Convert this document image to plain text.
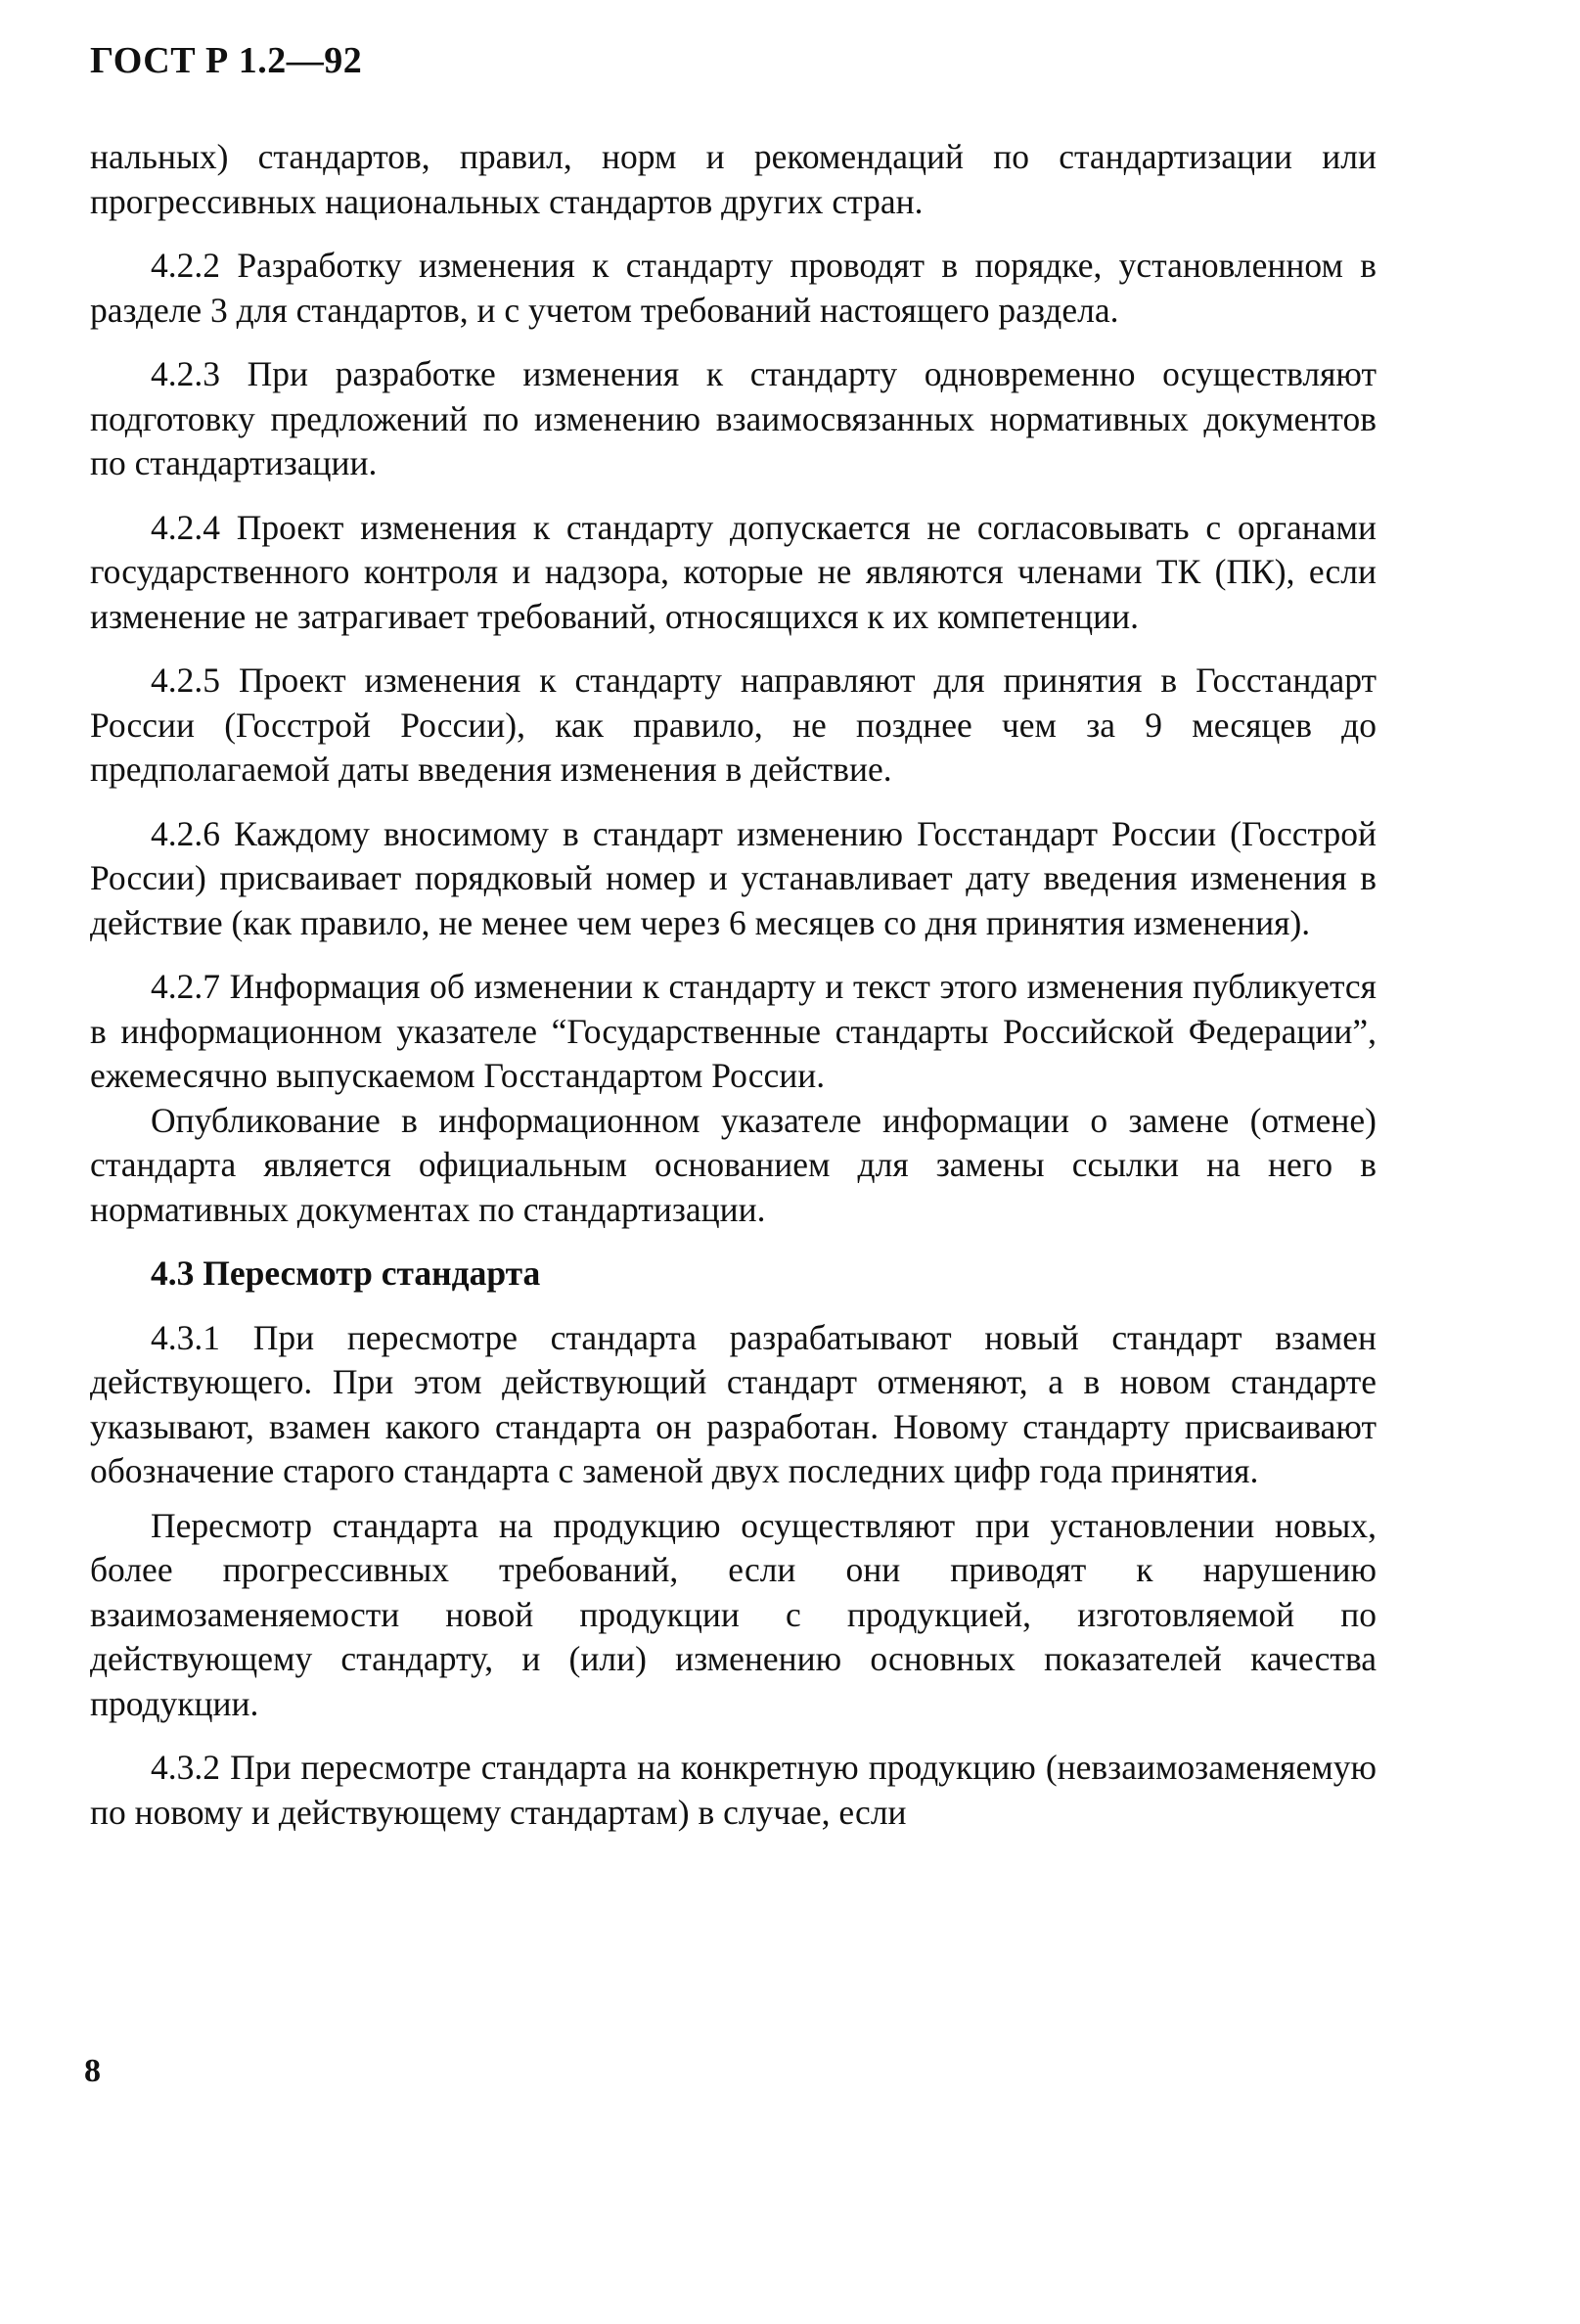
ГОСТ Р 1.2—92

нальных) стандартов, правил, норм и рекомендаций по стандартизации или прогрессивных национальных стандартов других стран.

4.2.2 Разработку изменения к стандарту проводят в порядке, установленном в разделе 3 для стандартов, и с учетом требований настоящего раздела.

4.2.3 При разработке изменения к стандарту одновременно осуществляют подготовку предложений по изменению взаимосвязанных нормативных документов по стандартизации.

4.2.4 Проект изменения к стандарту допускается не согласовывать с органами государственного контроля и надзора, которые не являются членами ТК (ПК), если изменение не затрагивает требований, относящихся к их компетенции.

4.2.5 Проект изменения к стандарту направляют для принятия в Госстандарт России (Госстрой России), как правило, не позднее чем за 9 месяцев до предполагаемой даты введения изменения в действие.

4.2.6 Каждому вносимому в стандарт изменению Госстандарт России (Госстрой России) присваивает порядковый номер и устанавливает дату введения изменения в действие (как правило, не менее чем через 6 месяцев со дня принятия изменения).

4.2.7 Информация об изменении к стандарту и текст этого изменения публикуется в информационном указателе “Государственные стандарты Российской Федерации”, ежемесячно выпускаемом Госстандартом России.

Опубликование в информационном указателе информации о замене (отмене) стандарта является официальным основанием для замены ссылки на него в нормативных документах по стандартизации.

4.3 Пересмотр стандарта

4.3.1 При пересмотре стандарта разрабатывают новый стандарт взамен действующего. При этом действующий стандарт отменяют, а в новом стандарте указывают, взамен какого стандарта он разработан. Новому стандарту присваивают обозначение старого стандарта с заменой двух последних цифр года принятия.

Пересмотр стандарта на продукцию осуществляют при установлении новых, более прогрессивных требований, если они приводят к нарушению взаимозаменяемости новой продукции с продукцией, изготовляемой по действующему стандарту, и (или) изменению основных показателей качества продукции.

4.3.2 При пересмотре стандарта на конкретную продукцию (невзаимозаменяемую по новому и действующему стандартам) в случае, если

8
